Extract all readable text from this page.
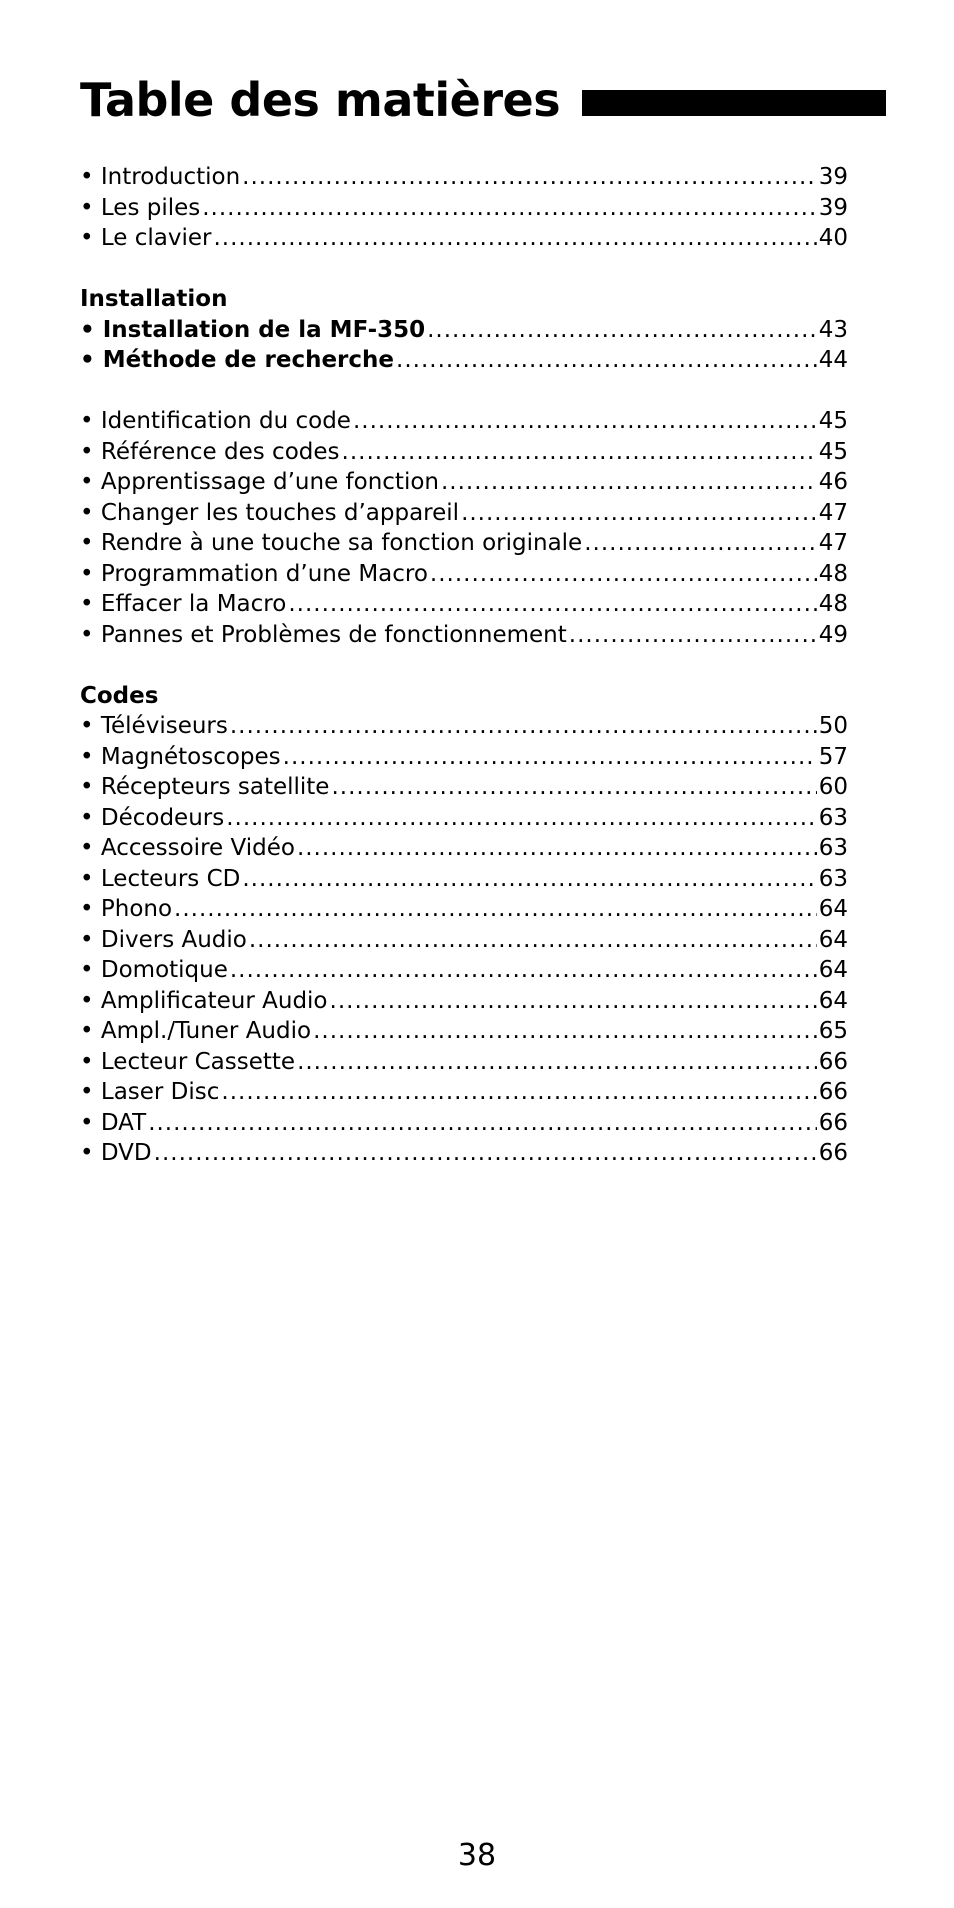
Table des matières
• Introduction .....	39
• Les piles .....	39
• Le clavier .....	40
Installation
• Installation de la MF-350 .....	43
• Méthode de recherche .....	44
• Identification du code .....	45
• Référence des codes .....	45
• Apprentissage d’une fonction .....	46
• Changer les touches d’appareil .....	47
• Rendre à une touche sa fonction originale .....	47
• Programmation d’une Macro .....	48
• Effacer la Macro .....	48
• Pannes et Problèmes de fonctionnement .....	49
Codes
• Téléviseurs .....	50
• Magnétoscopes .....	57
• Récepteurs satellite .....	60
• Décodeurs .....	63
• Accessoire Vidéo .....	63
• Lecteurs CD .....	63
• Phono .....	64
• Divers Audio .....	64
• Domotique .....	64
• Amplificateur Audio .....	64
• Ampl./Tuner Audio .....	65
• Lecteur Cassette .....	66
• Laser Disc .....	66
• DAT .....	66
• DVD .....	66
38
